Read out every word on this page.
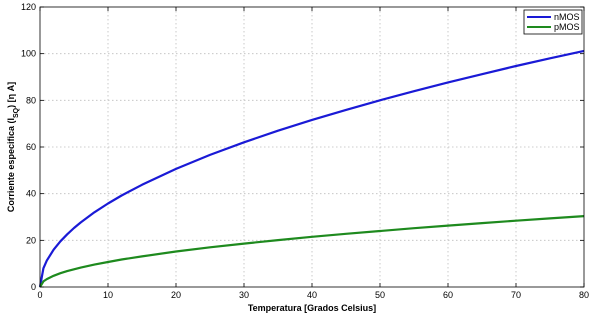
0	10	20	30	40	50	60	70	80
0
20
40
60
80
100
120
Temperatura [Grados Celsius]
Corriente especifica $(I_{SQ})$ [η A]
nMOS
pMOS
